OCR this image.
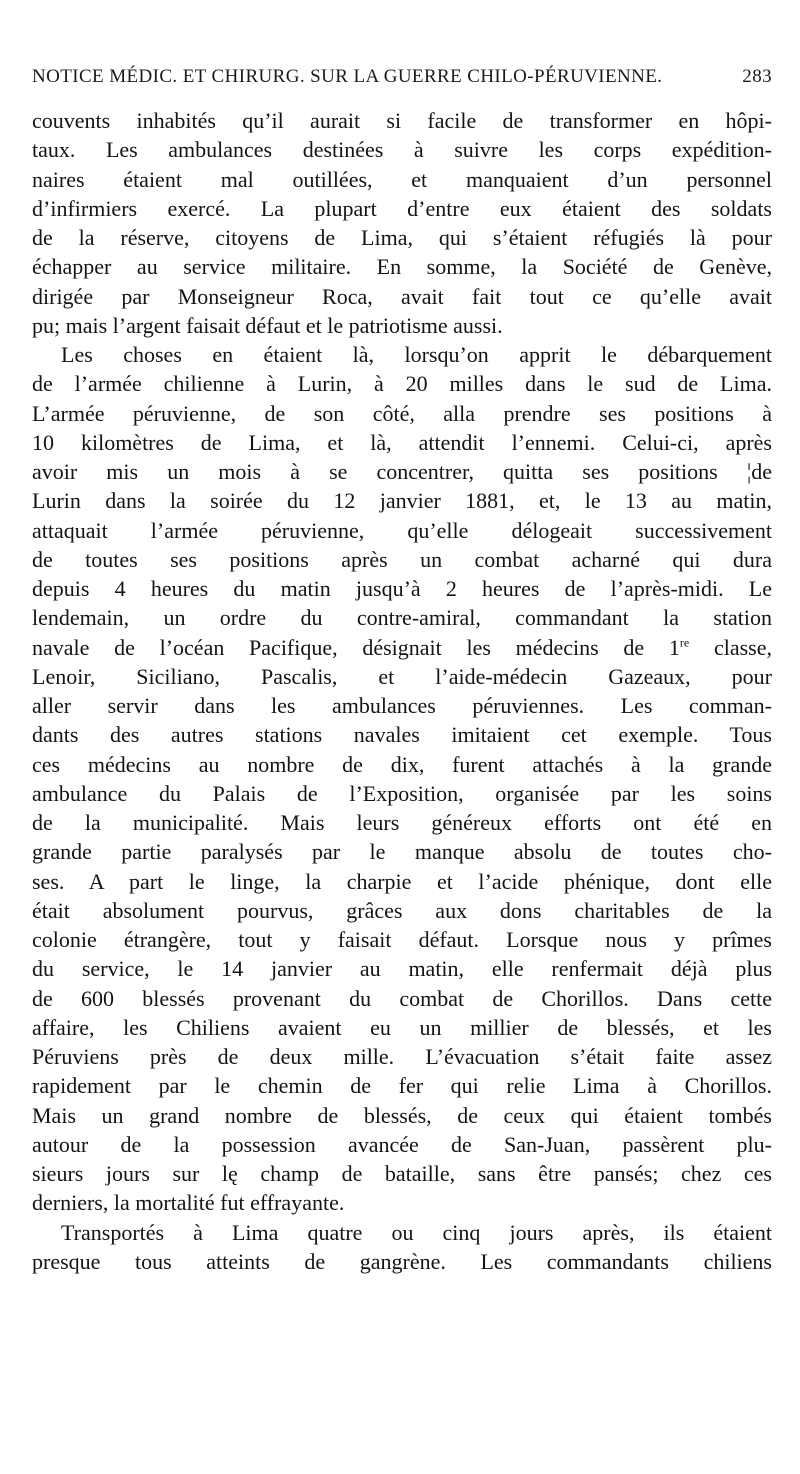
NOTICE MÉDIC. ET CHIRURG. SUR LA GUERRE CHILO-PÉRUVIENNE.	283
couvents inhabités qu’il aurait si facile de transformer en hôpi-
taux. Les ambulances destinées à suivre les corps expédition-
naires étaient mal outillées, et manquaient d’un personnel
d’infirmiers exercé. La plupart d’entre eux étaient des soldats
de la réserve, citoyens de Lima, qui s’étaient réfugiés là pour
échapper au service militaire. En somme, la Société de Genève,
dirigée par Monseigneur Roca, avait fait tout ce qu’elle avait
pu; mais l’argent faisait défaut et le patriotisme aussi.
Les choses en étaient là, lorsqu’on apprit le débarquement
de l’armée chilienne à Lurin, à 20 milles dans le sud de Lima.
L’armée péruvienne, de son côté, alla prendre ses positions à
10 kilomètres de Lima, et là, attendit l’ennemi. Celui-ci, après
avoir mis un mois à se concentrer, quitta ses positions ¦de
Lurin dans la soirée du 12 janvier 1881, et, le 13 au matin,
attaquait l’armée péruvienne, qu’elle délogeait successivement
de toutes ses positions après un combat acharné qui dura
depuis 4 heures du matin jusqu’à 2 heures de l’après-midi. Le
lendemain, un ordre du contre-amiral, commandant la station
navale de l’océan Pacifique, désignait les médecins de 1re classe,
Lenoir, Siciliano, Pascalis, et l’aide-médecin Gazeaux, pour
aller servir dans les ambulances péruviennes. Les comman-
dants des autres stations navales imitaient cet exemple. Tous
ces médecins au nombre de dix, furent attachés à la grande
ambulance du Palais de l’Exposition, organisée par les soins
de la municipalité. Mais leurs généreux efforts ont été en
grande partie paralysés par le manque absolu de toutes cho-
ses. A part le linge, la charpie et l’acide phénique, dont elle
était absolument pourvus, grâces aux dons charitables de la
colonie étrangère, tout y faisait défaut. Lorsque nous y prîmes
du service, le 14 janvier au matin, elle renfermait déjà plus
de 600 blessés provenant du combat de Chorillos. Dans cette
affaire, les Chiliens avaient eu un millier de blessés, et les
Péruviens près de deux mille. L’évacuation s’était faite assez
rapidement par le chemin de fer qui relie Lima à Chorillos.
Mais un grand nombre de blessés, de ceux qui étaient tombés
autour de la possession avancée de San-Juan, passèrent plu-
sieurs jours sur lę champ de bataille, sans être pansés; chez ces
derniers, la mortalité fut effrayante.
Transportés à Lima quatre ou cinq jours après, ils étaient
presque tous atteints de gangrène. Les commandants chiliens
